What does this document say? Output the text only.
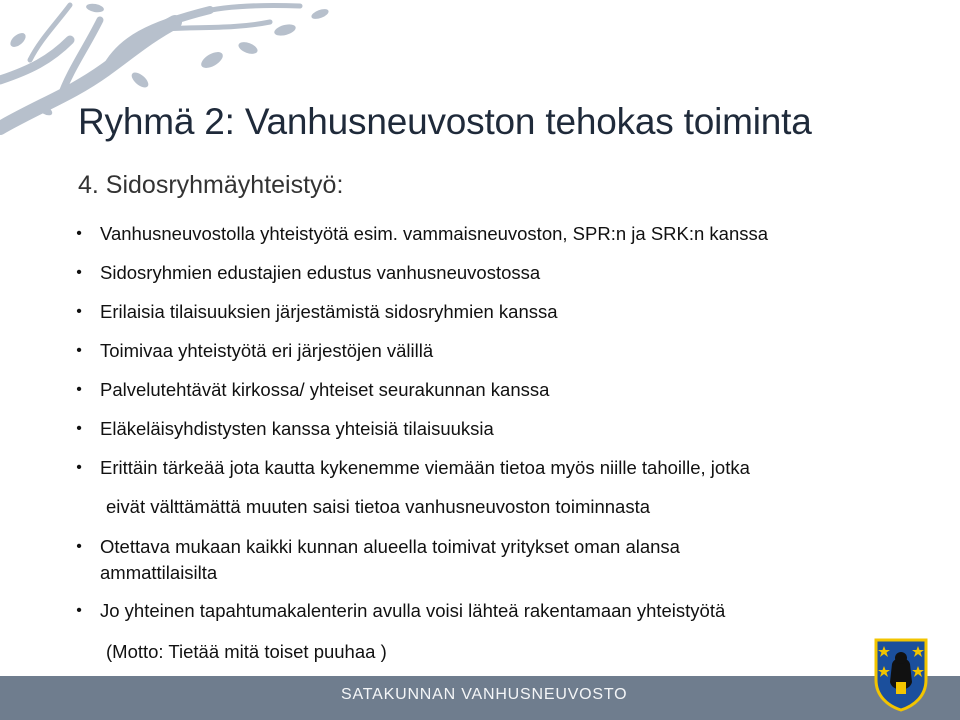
Ryhmä 2: Vanhusneuvoston tehokas toiminta
4. Sidosryhmäyhteistyö:
• Vanhusneuvostolla yhteistyötä esim. vammaisneuvoston, SPR:n ja SRK:n kanssa
• Sidosryhmien edustajien edustus vanhusneuvostossa
• Erilaisia tilaisuuksien järjestämistä sidosryhmien kanssa
• Toimivaa yhteistyötä eri järjestöjen välillä
• Palvelutehtävät kirkossa/ yhteiset seurakunnan kanssa
• Eläkeläisyhdistysten kanssa yhteisiä tilaisuuksia
• Erittäin tärkeää jota kautta kykenemme viemään tietoa myös niille tahoille, jotka
eivät välttämättä muuten saisi tietoa vanhusneuvoston toiminnasta
• Otettava mukaan kaikki kunnan alueella toimivat yritykset oman alansa
ammattilaisilta
• Jo yhteinen tapahtumakalenterin avulla voisi lähteä rakentamaan yhteistyötä
(Motto: Tietää mitä toiset puuhaa )
SATAKUNNAN VANHUSNEUVOSTO
